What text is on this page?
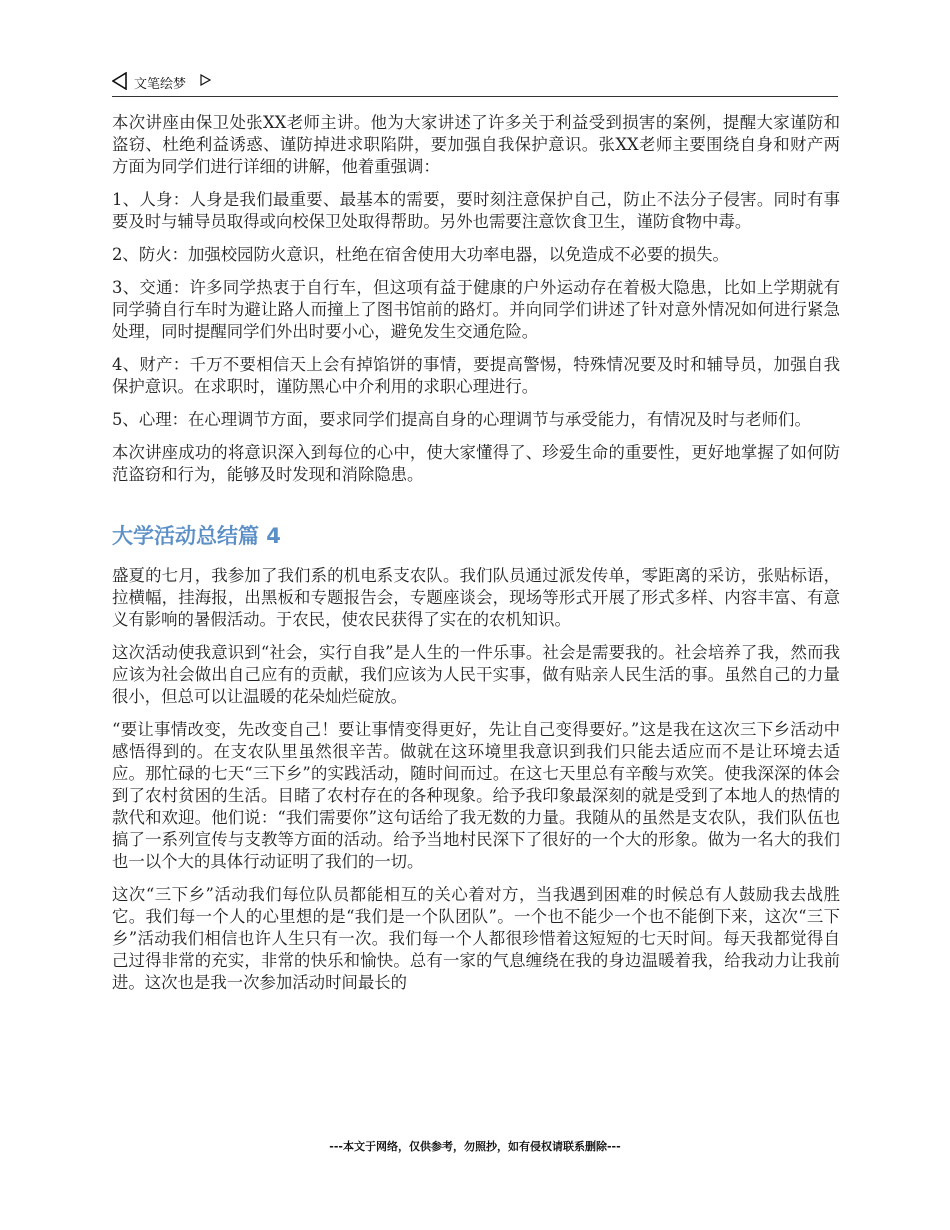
文笔绘梦

本次讲座由保卫处张XX老师主讲。他为大家讲述了许多关于利益受到损害的案例，提醒大家谨防和盗窃、杜绝利益诱惑、谨防掉进求职陷阱，要加强自我保护意识。张XX老师主要围绕自身和财产两方面为同学们进行详细的讲解，他着重强调：

1、人身：人身是我们最重要、最基本的需要，要时刻注意保护自己，防止不法分子侵害。同时有事要及时与辅导员取得或向校保卫处取得帮助。另外也需要注意饮食卫生，谨防食物中毒。

2、防火：加强校园防火意识，杜绝在宿舍使用大功率电器，以免造成不必要的损失。

3、交通：许多同学热衷于自行车，但这项有益于健康的户外运动存在着极大隐患，比如上学期就有同学骑自行车时为避让路人而撞上了图书馆前的路灯。并向同学们讲述了针对意外情况如何进行紧急处理，同时提醒同学们外出时要小心，避免发生交通危险。

4、财产：千万不要相信天上会有掉馅饼的事情，要提高警惕，特殊情况要及时和辅导员，加强自我保护意识。在求职时，谨防黑心中介利用的求职心理进行。

5、心理：在心理调节方面，要求同学们提高自身的心理调节与承受能力，有情况及时与老师们。

本次讲座成功的将意识深入到每位的心中，使大家懂得了、珍爱生命的重要性，更好地掌握了如何防范盗窃和行为，能够及时发现和消除隐患。

大学活动总结篇 4

盛夏的七月，我参加了我们系的机电系支农队。我们队员通过派发传单，零距离的采访，张贴标语，拉横幅，挂海报，出黑板和专题报告会，专题座谈会，现场等形式开展了形式多样、内容丰富、有意义有影响的暑假活动。于农民，使农民获得了实在的农机知识。

这次活动使我意识到“社会，实行自我”是人生的一件乐事。社会是需要我的。社会培养了我，然而我应该为社会做出自己应有的贡献，我们应该为人民干实事，做有贴亲人民生活的事。虽然自己的力量很小，但总可以让温暖的花朵灿烂碇放。

“要让事情改变，先改变自己！要让事情变得更好，先让自己变得要好。”这是我在这次三下乡活动中感悟得到的。在支农队里虽然很辛苦。做就在这环境里我意识到我们只能去适应而不是让环境去适应。那忙碌的七天“三下乡”的实践活动，随时间而过。在这七天里总有辛酸与欢笑。使我深深的体会到了农村贫困的生活。目睹了农村存在的各种现象。给予我印象最深刻的就是受到了本地人的热情的款代和欢迎。他们说：“我们需要你”这句话给了我无数的力量。我随从的虽然是支农队，我们队伍也搞了一系列宣传与支教等方面的活动。给予当地村民深下了很好的一个大的形象。做为一名大的我们也一以个大的具体行动证明了我们的一切。

这次“三下乡”活动我们每位队员都能相互的关心着对方，当我遇到困难的时候总有人鼓励我去战胜它。我们每一个人的心里想的是“我们是一个队团队”。一个也不能少一个也不能倒下来，这次“三下乡”活动我们相信也许人生只有一次。我们每一个人都很珍惜着这短短的七天时间。每天我都觉得自己过得非常的充实，非常的快乐和愉快。总有一家的气息缠绕在我的身边温暖着我，给我动力让我前进。这次也是我一次参加活动时间最长的

---本文于网络，仅供参考，勿照抄，如有侵权请联系删除---
